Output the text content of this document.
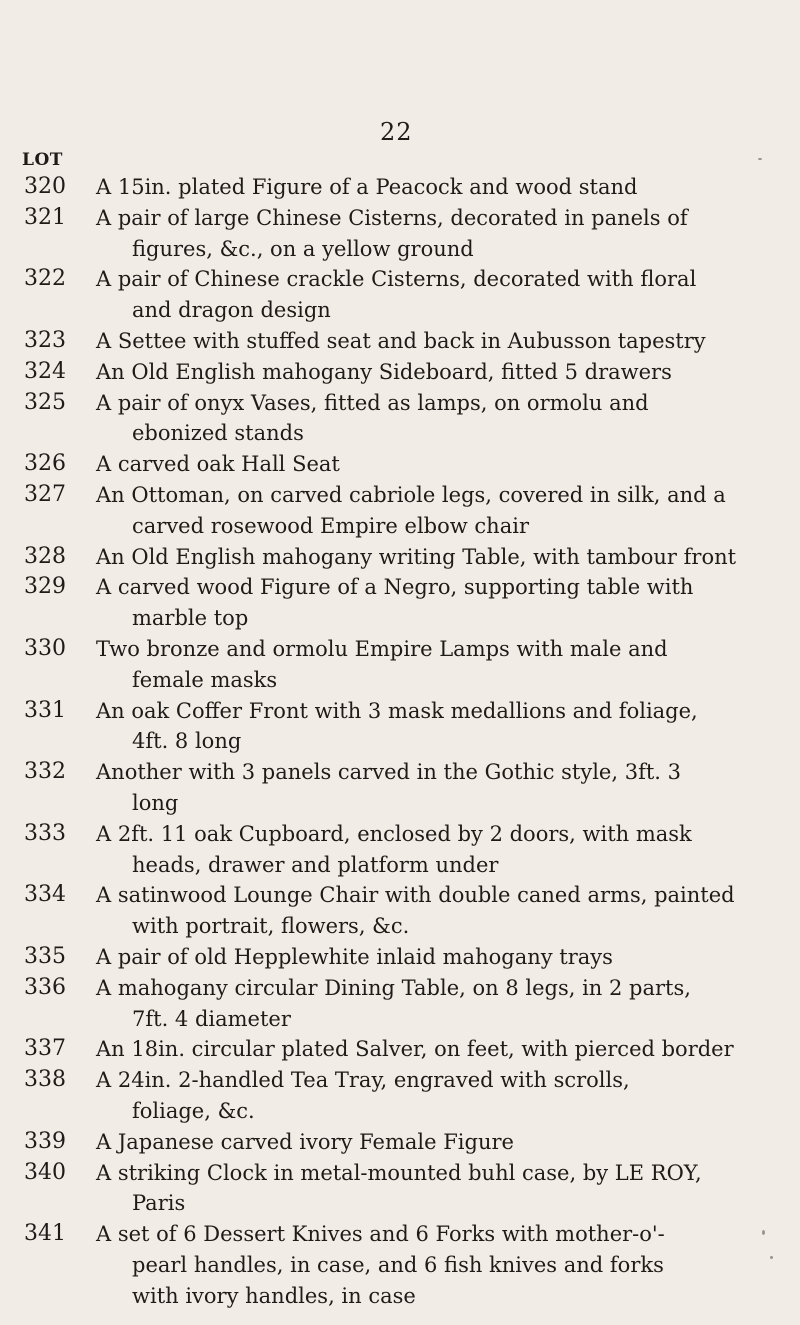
22
LOT
320	A 15in. plated Figure of a Peacock and wood stand
321	A pair of large Chinese Cisterns, decorated in panels of
figures, &c., on a yellow ground
322	A pair of Chinese crackle Cisterns, decorated with floral
and dragon design
323	A Settee with stuffed seat and back in Aubusson tapestry
324	An Old English mahogany Sideboard, fitted 5 drawers
325	A pair of onyx Vases, fitted as lamps, on ormolu and
ebonized stands
326	A carved oak Hall Seat
327	An Ottoman, on carved cabriole legs, covered in silk, and a
carved rosewood Empire elbow chair
328	An Old English mahogany writing Table, with tambour front
329	A carved wood Figure of a Negro, supporting table with
marble top
330	Two bronze and ormolu Empire Lamps with male and
female masks
331	An oak Coffer Front with 3 mask medallions and foliage,
4ft. 8 long
332	Another with 3 panels carved in the Gothic style, 3ft. 3
long
333	A 2ft. 11 oak Cupboard, enclosed by 2 doors, with mask
heads, drawer and platform under
334	A satinwood Lounge Chair with double caned arms, painted
with portrait, flowers, &c.
335	A pair of old Hepplewhite inlaid mahogany trays
336	A mahogany circular Dining Table, on 8 legs, in 2 parts,
7ft. 4 diameter
337	An 18in. circular plated Salver, on feet, with pierced border
338	A 24in. 2-handled Tea Tray, engraved with scrolls,
foliage, &c.
339	A Japanese carved ivory Female Figure
340	A striking Clock in metal-mounted buhl case, by LE ROY,
Paris
341	A set of 6 Dessert Knives and 6 Forks with mother-o'-
pearl handles, in case, and 6 fish knives and forks
with ivory handles, in case
